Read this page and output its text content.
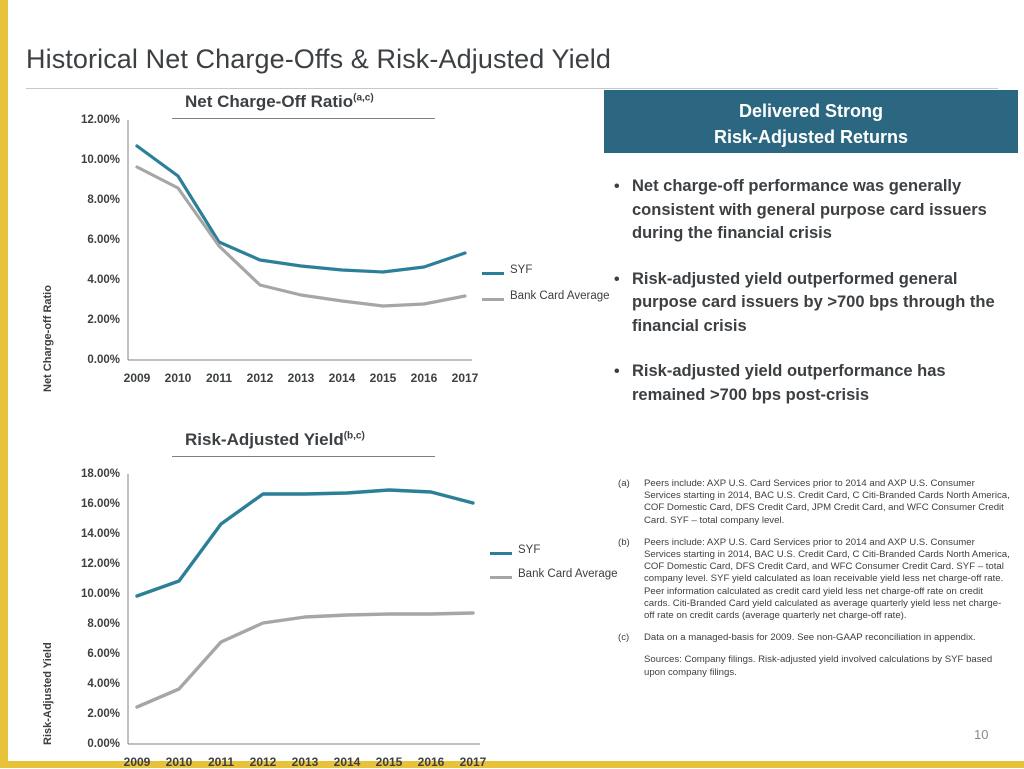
Historical Net Charge-Offs & Risk-Adjusted Yield
Net Charge-Off Ratio$^{(a,c)}$
Net Charge-off Ratio
12.00%
10.00%
8.00%
6.00%
4.00%
2.00%
0.00%
2009	2010	2011	2012	2013	2014	2015	2016	2017
SYF
Bank Card Average
Risk-Adjusted Yield$^{(b,c)}$
Risk-Adjusted Yield
18.00%
16.00%
14.00%
12.00%
10.00%
8.00%
6.00%
4.00%
2.00%
0.00%
2009	2010	2011	2012	2013	2014	2015	2016	2017
SYF
Bank Card Average
Delivered Strong
Risk-Adjusted Returns
• Net charge-off performance was generally consistent with general purpose card issuers during the financial crisis
• Risk-adjusted yield outperformed general purpose card issuers by >700 bps through the financial crisis
• Risk-adjusted yield outperformance has remained >700 bps post-crisis
(a) Peers include: AXP U.S. Card Services prior to 2014 and AXP U.S. Consumer Services starting in 2014, BAC U.S. Credit Card, C Citi-Branded Cards North America, COF Domestic Card, DFS Credit Card, JPM Credit Card, and WFC Consumer Credit Card. SYF – total company level.
(b) Peers include: AXP U.S. Card Services prior to 2014 and AXP U.S. Consumer Services starting in 2014, BAC U.S. Credit Card, C Citi-Branded Cards North America, COF Domestic Card, DFS Credit Card, and WFC Consumer Credit Card. SYF – total company level. SYF yield calculated as loan receivable yield less net charge-off rate. Peer information calculated as credit card yield less net charge-off rate on credit cards. Citi-Branded Card yield calculated as average quarterly yield less net charge-off rate on credit cards (average quarterly net charge-off rate).
(c) Data on a managed-basis for 2009. See non-GAAP reconciliation in appendix.
Sources: Company filings. Risk-adjusted yield involved calculations by SYF based upon company filings.
10
